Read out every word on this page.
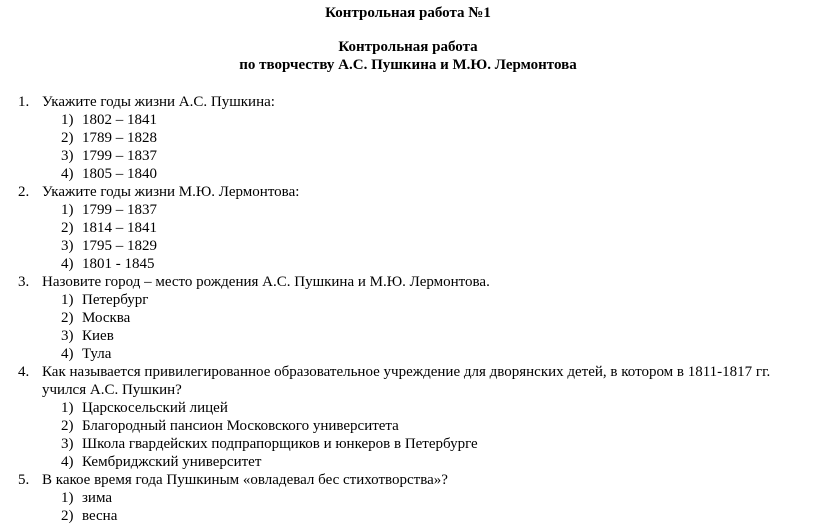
Контрольная работа №1
Контрольная работа
по творчеству А.С. Пушкина и М.Ю. Лермонтова
1. Укажите годы жизни А.С. Пушкина:
1) 1802 – 1841
2) 1789 – 1828
3) 1799 – 1837
4) 1805 – 1840
2. Укажите годы жизни М.Ю. Лермонтова:
1) 1799 – 1837
2) 1814 – 1841
3) 1795 – 1829
4) 1801 - 1845
3. Назовите город – место рождения А.С. Пушкина и М.Ю. Лермонтова.
1) Петербург
2) Москва
3) Киев
4) Тула
4. Как называется привилегированное образовательное учреждение для дворянских детей, в котором в 1811-1817 гг.
учился А.С. Пушкин?
1) Царскосельский лицей
2) Благородный пансион Московского университета
3) Школа гвардейских подпрапорщиков и юнкеров в Петербурге
4) Кембриджский университет
5. В какое время года Пушкиным «овладевал бес стихотворства»?
1) зима
2) весна
